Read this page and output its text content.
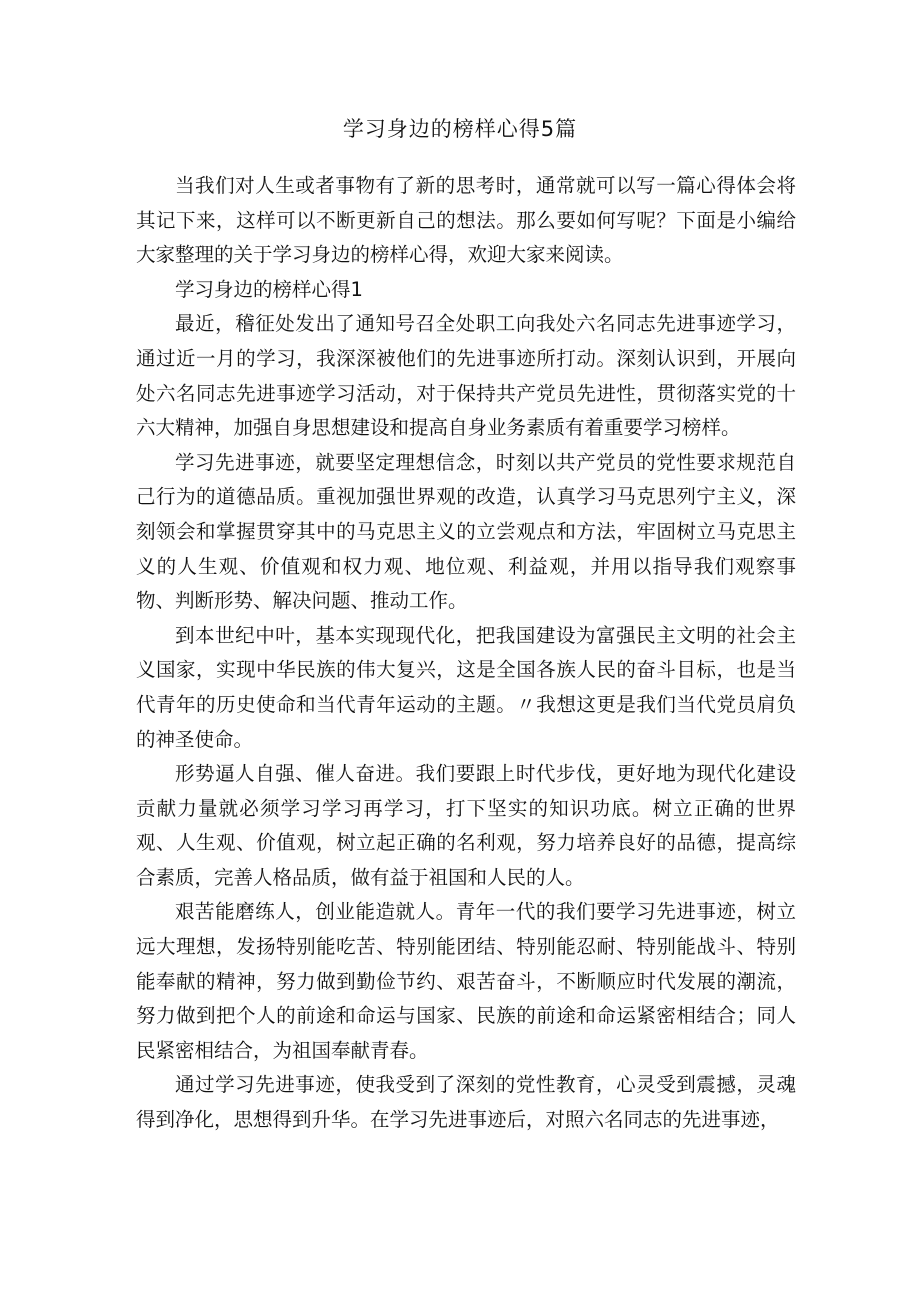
学习身边的榜样心得5篇

当我们对人生或者事物有了新的思考时，通常就可以写一篇心得体会将其记下来，这样可以不断更新自己的想法。那么要如何写呢？下面是小编给大家整理的关于学习身边的榜样心得，欢迎大家来阅读。

学习身边的榜样心得1

最近，稽征处发出了通知号召全处职工向我处六名同志先进事迹学习，通过近一月的学习，我深深被他们的先进事迹所打动。深刻认识到，开展向处六名同志先进事迹学习活动，对于保持共产党员先进性，贯彻落实党的十六大精神，加强自身思想建设和提高自身业务素质有着重要学习榜样。

学习先进事迹，就要坚定理想信念，时刻以共产党员的党性要求规范自己行为的道德品质。重视加强世界观的改造，认真学习马克思列宁主义，深刻领会和掌握贯穿其中的马克思主义的立尝观点和方法，牢固树立马克思主义的人生观、价值观和权力观、地位观、利益观，并用以指导我们观察事物、判断形势、解决问题、推动工作。

到本世纪中叶，基本实现现代化，把我国建设为富强民主文明的社会主义国家，实现中华民族的伟大复兴，这是全国各族人民的奋斗目标，也是当代青年的历史使命和当代青年运动的主题。〃我想这更是我们当代党员肩负的神圣使命。

形势逼人自强、催人奋进。我们要跟上时代步伐，更好地为现代化建设贡献力量就必须学习学习再学习，打下坚实的知识功底。树立正确的世界观、人生观、价值观，树立起正确的名利观，努力培养良好的品德，提高综合素质，完善人格品质，做有益于祖国和人民的人。

艰苦能磨练人，创业能造就人。青年一代的我们要学习先进事迹，树立远大理想，发扬特别能吃苦、特别能团结、特别能忍耐、特别能战斗、特别能奉献的精神，努力做到勤俭节约、艰苦奋斗，不断顺应时代发展的潮流，努力做到把个人的前途和命运与国家、民族的前途和命运紧密相结合；同人民紧密相结合，为祖国奉献青春。

通过学习先进事迹，使我受到了深刻的党性教育，心灵受到震撼，灵魂得到净化，思想得到升华。在学习先进事迹后，对照六名同志的先进事迹，
